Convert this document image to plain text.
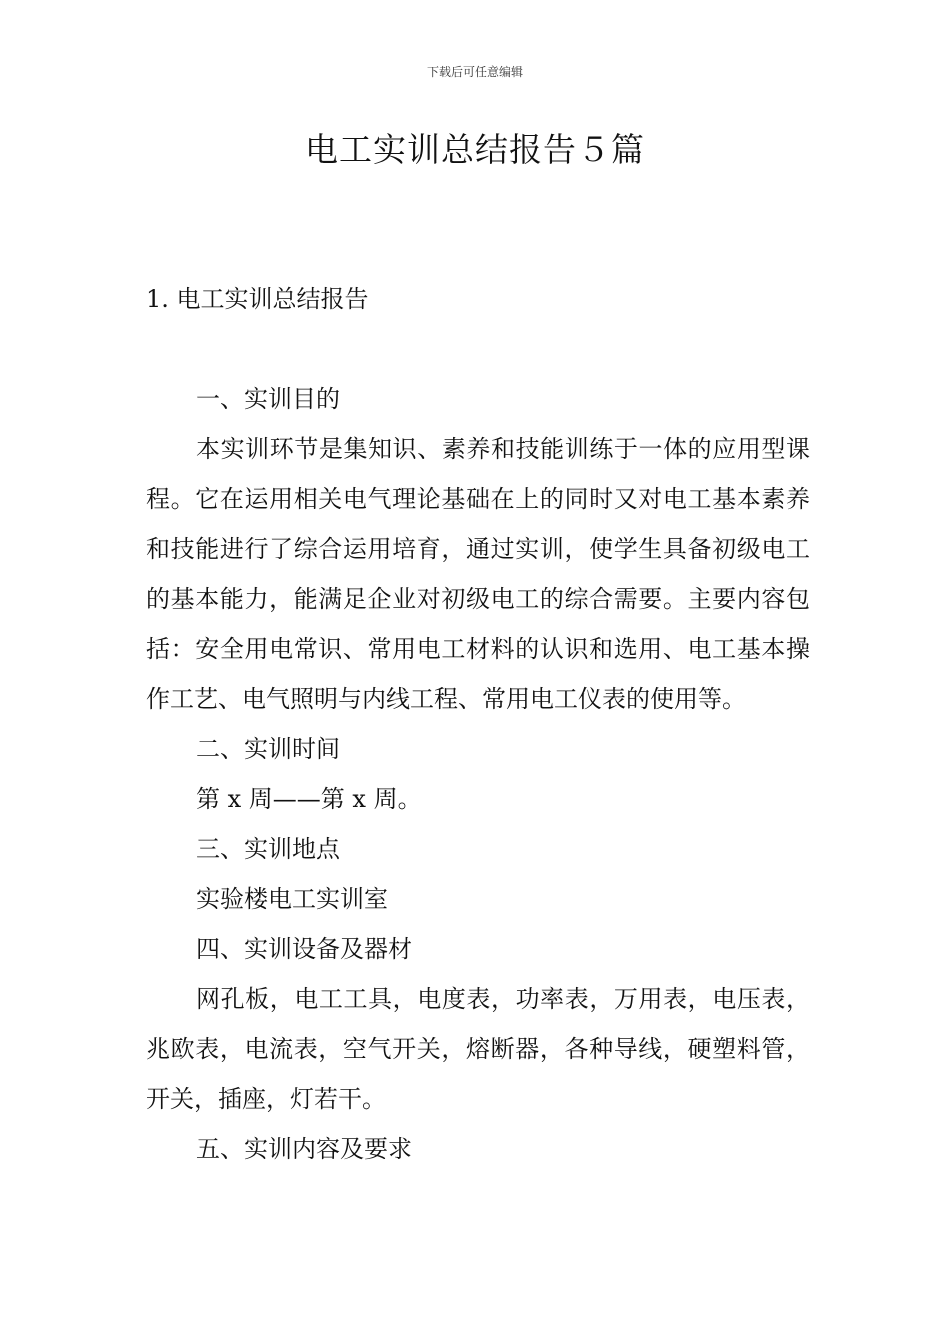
下载后可任意编辑
电工实训总结报告５篇
1. 电工实训总结报告

一、实训目的

本实训环节是集知识、素养和技能训练于一体的应用型课程。它在运用相关电气理论基础在上的同时又对电工基本素养和技能进行了综合运用培育，通过实训，使学生具备初级电工的基本能力，能满足企业对初级电工的综合需要。主要内容包括：安全用电常识、常用电工材料的认识和选用、电工基本操作工艺、电气照明与内线工程、常用电工仪表的使用等。

二、实训时间

第 x 周——第 x 周。

三、实训地点

实验楼电工实训室

四、实训设备及器材

网孔板，电工工具，电度表，功率表，万用表，电压表，兆欧表，电流表，空气开关，熔断器，各种导线，硬塑料管，开关，插座，灯若干。

五、实训内容及要求
